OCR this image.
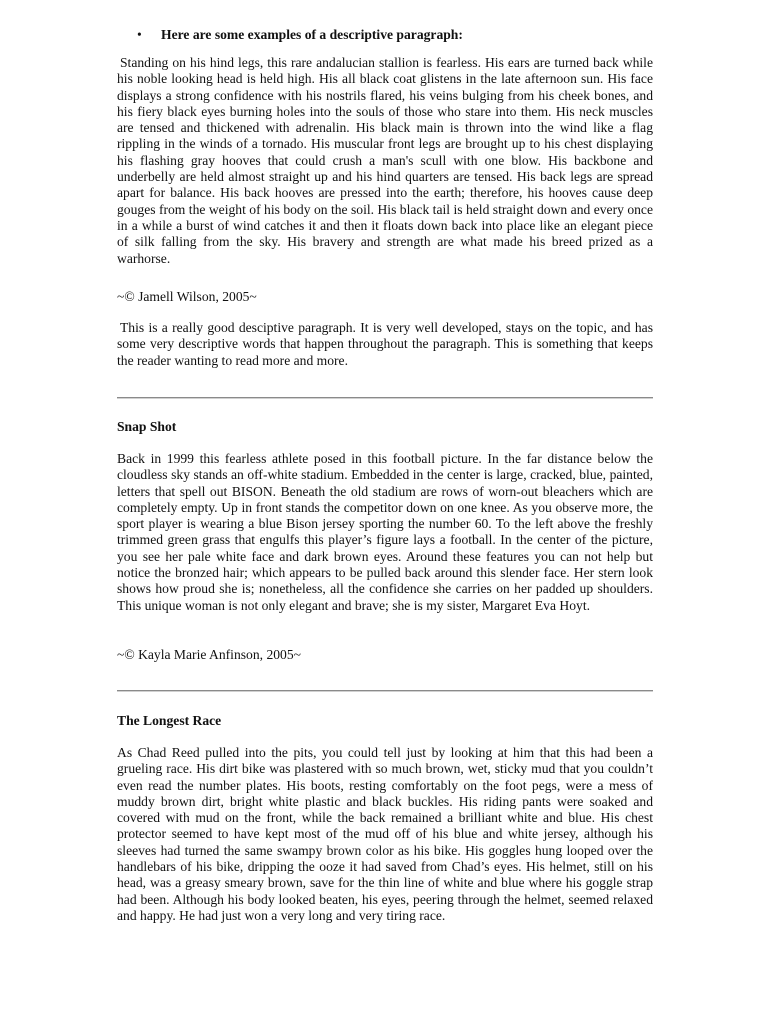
• Here are some examples of a descriptive paragraph:

Standing on his hind legs, this rare andalucian stallion is fearless. His ears are turned back while his noble looking head is held high. His all black coat glistens in the late afternoon sun. His face displays a strong confidence with his nostrils flared, his veins bulging from his cheek bones, and his fiery black eyes burning holes into the souls of those who stare into them. His neck muscles are tensed and thickened with adrenalin. His black main is thrown into the wind like a flag rippling in the winds of a tornado. His muscular front legs are brought up to his chest displaying his flashing gray hooves that could crush a man's scull with one blow. His backbone and underbelly are held almost straight up and his hind quarters are tensed. His back legs are spread apart for balance. His back hooves are pressed into the earth; therefore, his hooves cause deep gouges from the weight of his body on the soil. His black tail is held straight down and every once in a while a burst of wind catches it and then it floats down back into place like an elegant piece of silk falling from the sky. His bravery and strength are what made his breed prized as a warhorse.

~© Jamell Wilson, 2005~

This is a really good desciptive paragraph. It is very well developed, stays on the topic, and has some very descriptive words that happen throughout the paragraph. This is something that keeps the reader wanting to read more and more.

Snap Shot

Back in 1999 this fearless athlete posed in this football picture. In the far distance below the cloudless sky stands an off-white stadium. Embedded in the center is large, cracked, blue, painted, letters that spell out BISON. Beneath the old stadium are rows of worn-out bleachers which are completely empty. Up in front stands the competitor down on one knee. As you observe more, the sport player is wearing a blue Bison jersey sporting the number 60. To the left above the freshly trimmed green grass that engulfs this player’s figure lays a football. In the center of the picture, you see her pale white face and dark brown eyes. Around these features you can not help but notice the bronzed hair; which appears to be pulled back around this slender face. Her stern look shows how proud she is; nonetheless, all the confidence she carries on her padded up shoulders. This unique woman is not only elegant and brave; she is my sister, Margaret Eva Hoyt.

~© Kayla Marie Anfinson, 2005~

The Longest Race

As Chad Reed pulled into the pits, you could tell just by looking at him that this had been a grueling race. His dirt bike was plastered with so much brown, wet, sticky mud that you couldn’t even read the number plates. His boots, resting comfortably on the foot pegs, were a mess of muddy brown dirt, bright white plastic and black buckles. His riding pants were soaked and covered with mud on the front, while the back remained a brilliant white and blue. His chest protector seemed to have kept most of the mud off of his blue and white jersey, although his sleeves had turned the same swampy brown color as his bike. His goggles hung looped over the handlebars of his bike, dripping the ooze it had saved from Chad’s eyes. His helmet, still on his head, was a greasy smeary brown, save for the thin line of white and blue where his goggle strap had been. Although his body looked beaten, his eyes, peering through the helmet, seemed relaxed and happy. He had just won a very long and very tiring race.
